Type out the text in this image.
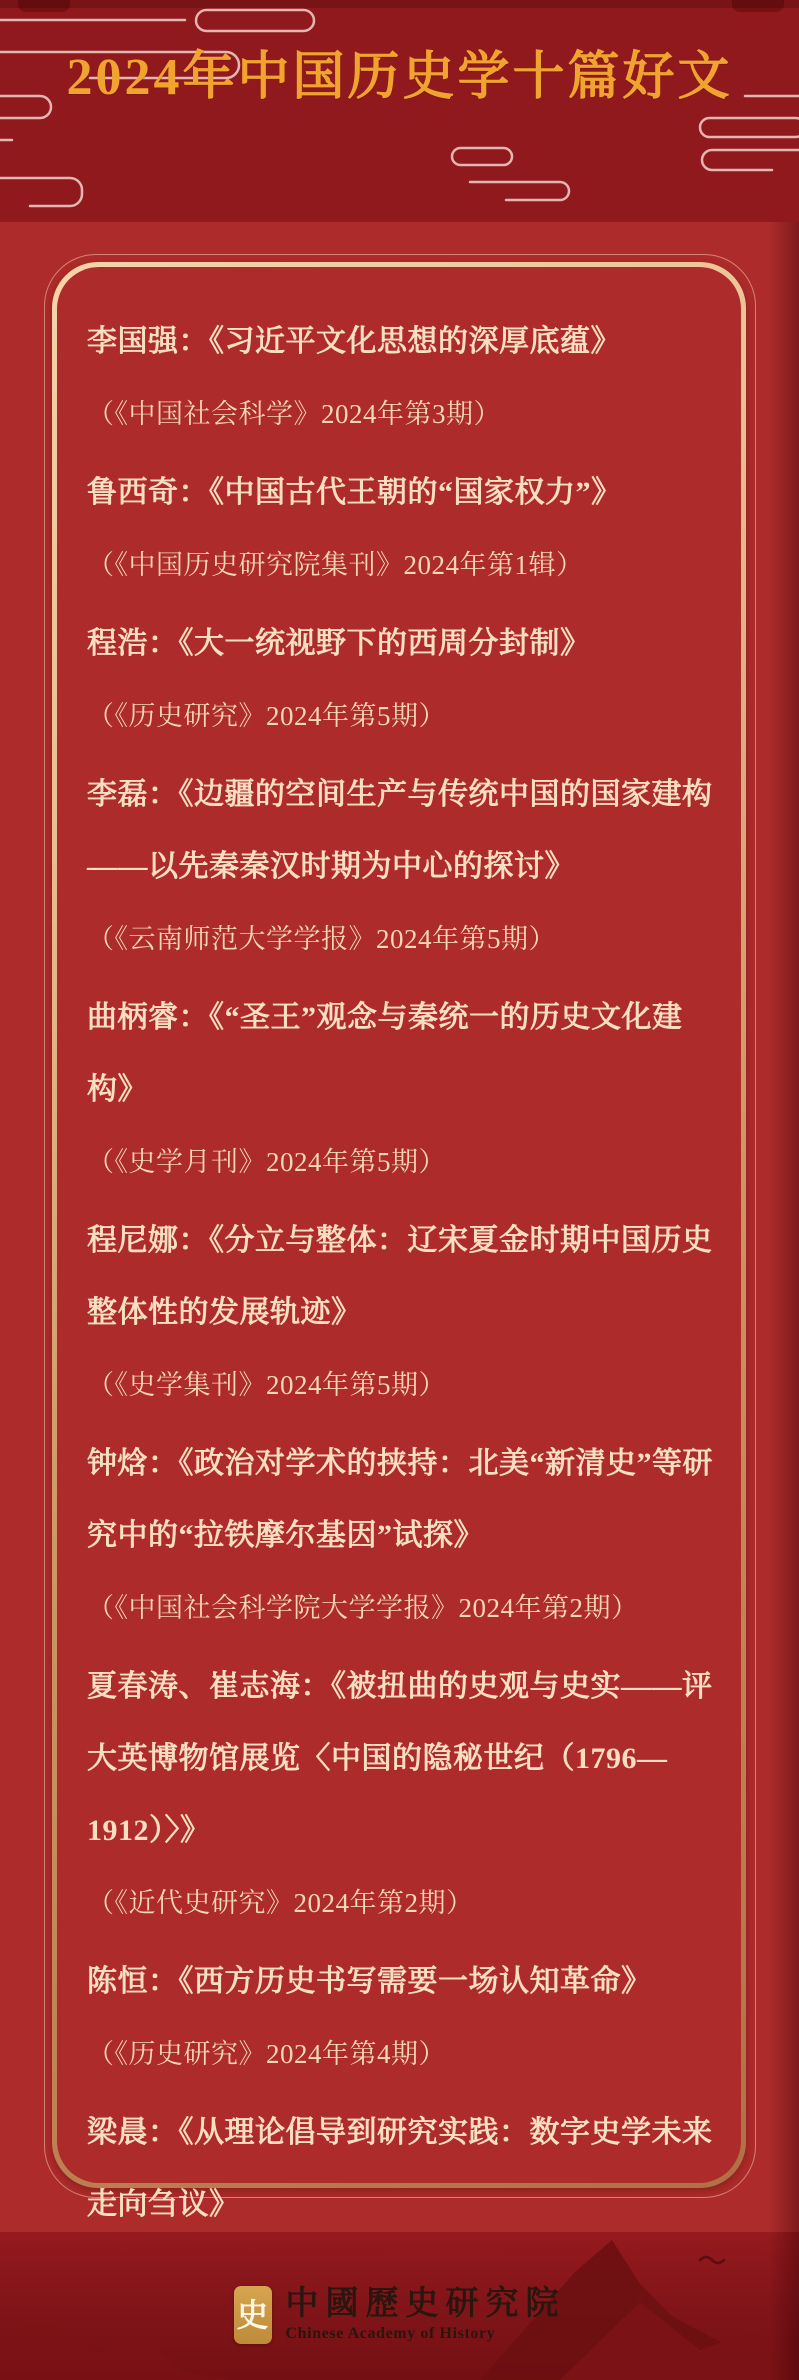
2024年中国历史学十篇好文

李国强：《习近平文化思想的深厚底蕴》

（《中国社会科学》2024年第3期）

鲁西奇：《中国古代王朝的“国家权力”》

（《中国历史研究院集刊》2024年第1辑）

程浩：《大一统视野下的西周分封制》

（《历史研究》2024年第5期）

李磊：《边疆的空间生产与传统中国的国家建构——以先秦秦汉时期为中心的探讨》

（《云南师范大学学报》2024年第5期）

曲柄睿：《“圣王”观念与秦统一的历史文化建构》

（《史学月刊》2024年第5期）

程尼娜：《分立与整体：辽宋夏金时期中国历史整体性的发展轨迹》

（《史学集刊》2024年第5期）

钟焓：《政治对学术的挟持：北美“新清史”等研究中的“拉铁摩尔基因”试探》

（《中国社会科学院大学学报》2024年第2期）

夏春涛、崔志海：《被扭曲的史观与史实——评大英博物馆展览〈中国的隐秘世纪（1796—1912）〉》

（《近代史研究》2024年第2期）

陈恒：《西方历史书写需要一场认知革命》

（《历史研究》2024年第4期）

梁晨：《从理论倡导到研究实践：数字史学未来走向刍议》

史 中國歷史研究院
Chinese Academy of History
